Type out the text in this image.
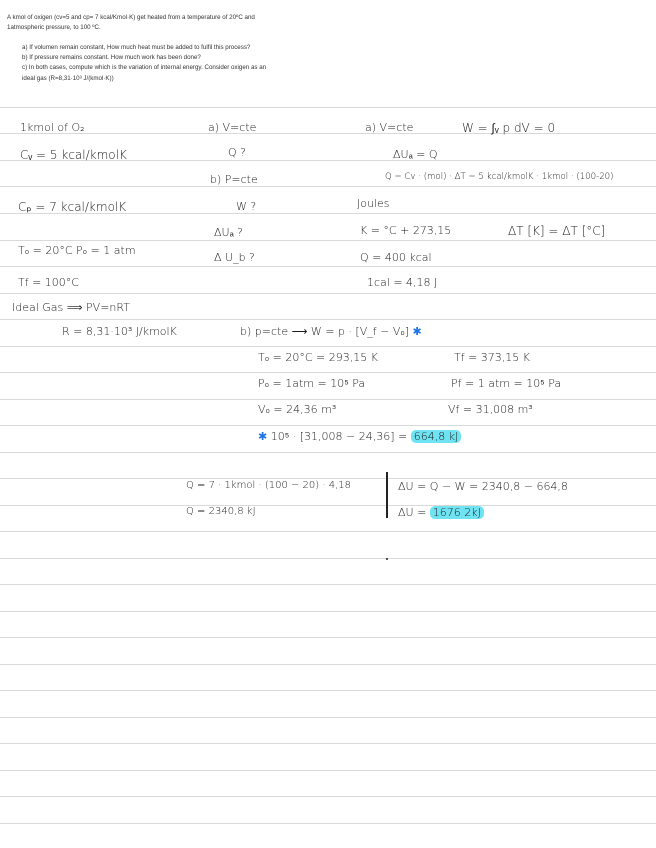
A kmol of oxigen (cv=5 and cp= 7 kcal/Kmol·K) get heated from a temperature of 20ºC and
1atmospheric pressure, to 100 ºC.
a) If volumen remain constant, How much heat must be added to fulfil this process?
b) If pressure remains constant. How much work has been done?
c) In both cases, compute which is the variation of internal energy. Consider oxigen as an
ideal gas (R=8,31·10³ J/(kmol·K))
1kmol of O₂
Cᵥ = 5 kcal/kmolK
Cₚ = 7 kcal/kmolK
T₀ = 20°C P₀ = 1 atm
Tf = 100°C
Ideal Gas ⟹ PV=nRT
R = 8,31·10³ J/kmolK
a) V=cte
Q ?
b) P=cte
W ?
ΔUₐ ?
Δ U_b ?
a) V=cte	W = ∫ᵥ p dV = 0
ΔUₐ = Q
Q = Cv · (mol) · ΔT = 5 kcal/kmolK · 1kmol · (100-20)
Joules
K = °C + 273,15	ΔT [K] = ΔT [°C]
Q = 400 kcal
1cal = 4,18 J
b) p=cte ⟶ W = p · [V_f − V₀] ✱
T₀ = 20°C = 293,15 K	Tf = 373,15 K
P₀ = 1atm = 10⁵ Pa	Pf = 1 atm = 10⁵ Pa
V₀ = 24,36 m³	Vf = 31,008 m³
✱ 10⁵ · [31,008 − 24,36] = 664,8 kJ
Q = 7 · 1kmol · (100 − 20) · 4,18
Q = 2340,8 kJ
ΔU = Q − W = 2340,8 − 664,8
ΔU = 1676 2kJ
